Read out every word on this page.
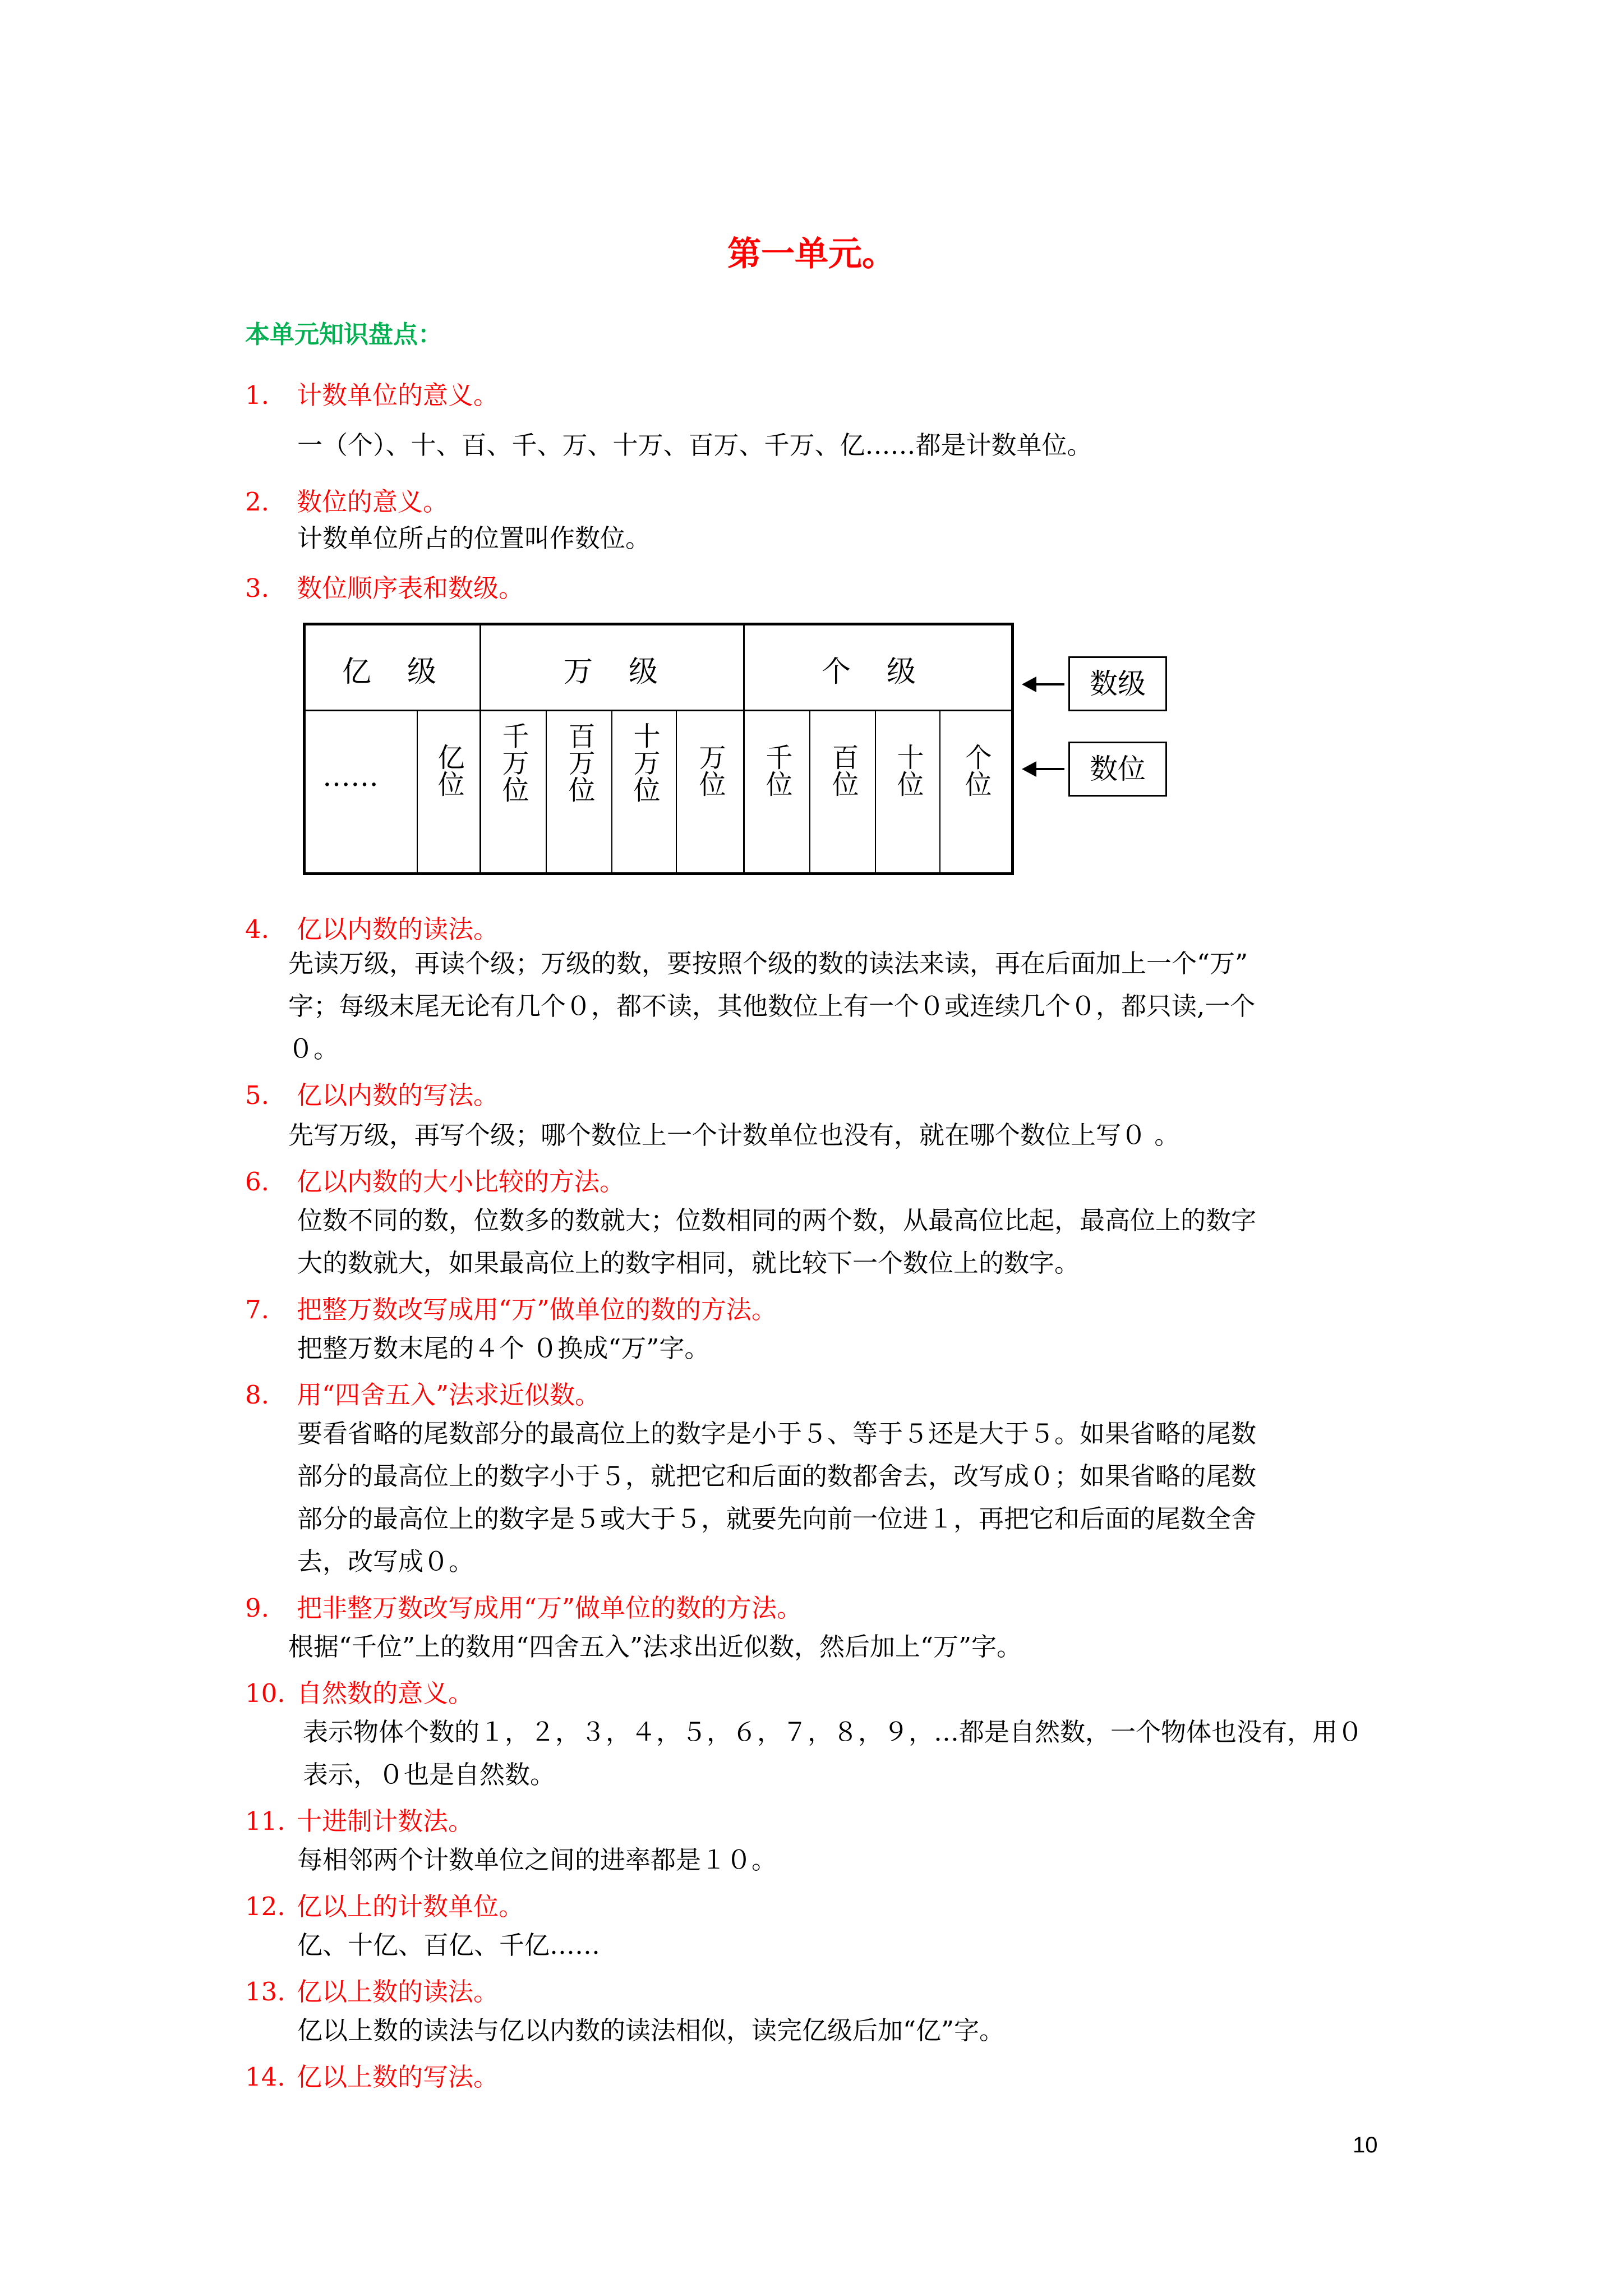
第一单元。
本单元知识盘点：
1. 计数单位的意义。
一（个）、十、百、千、万、十万、百万、千万、亿……都是计数单位。
2. 数位的意义。
计数单位所占的位置叫作数位。
3. 数位顺序表和数级。
亿级	万级	个级
……	亿位	千万位	百万位	十万位	万位	千位	百位	十位	个位
数级
数位
4. 亿以内数的读法。
先读万级，再读个级；万级的数，要按照个级的数的读法来读，再在后面加上一个“万”
字；每级末尾无论有几个０，都不读，其他数位上有一个０或连续几个０，都只读,一个
０。
5. 亿以内数的写法。
先写万级，再写个级；哪个数位上一个计数单位也没有，就在哪个数位上写０ 。
6. 亿以内数的大小比较的方法。
位数不同的数，位数多的数就大；位数相同的两个数，从最高位比起，最高位上的数字
大的数就大，如果最高位上的数字相同，就比较下一个数位上的数字。
7. 把整万数改写成用“万”做单位的数的方法。
把整万数末尾的４个 ０换成“万”字。
8. 用“四舍五入”法求近似数。
要看省略的尾数部分的最高位上的数字是小于５、等于５还是大于５。如果省略的尾数
部分的最高位上的数字小于５，就把它和后面的数都舍去，改写成０；如果省略的尾数
部分的最高位上的数字是５或大于５，就要先向前一位进１，再把它和后面的尾数全舍
去，改写成０。
9. 把非整万数改写成用“万”做单位的数的方法。
根据“千位”上的数用“四舍五入”法求出近似数，然后加上“万”字。
10. 自然数的意义。
表示物体个数的１，２，３，４，５，６，７，８，９，…都是自然数，一个物体也没有，用０
表示，０也是自然数。
11. 十进制计数法。
每相邻两个计数单位之间的进率都是１０。
12. 亿以上的计数单位。
亿、十亿、百亿、千亿……
13. 亿以上数的读法。
亿以上数的读法与亿以内数的读法相似，读完亿级后加“亿”字。
14. 亿以上数的写法。
10
